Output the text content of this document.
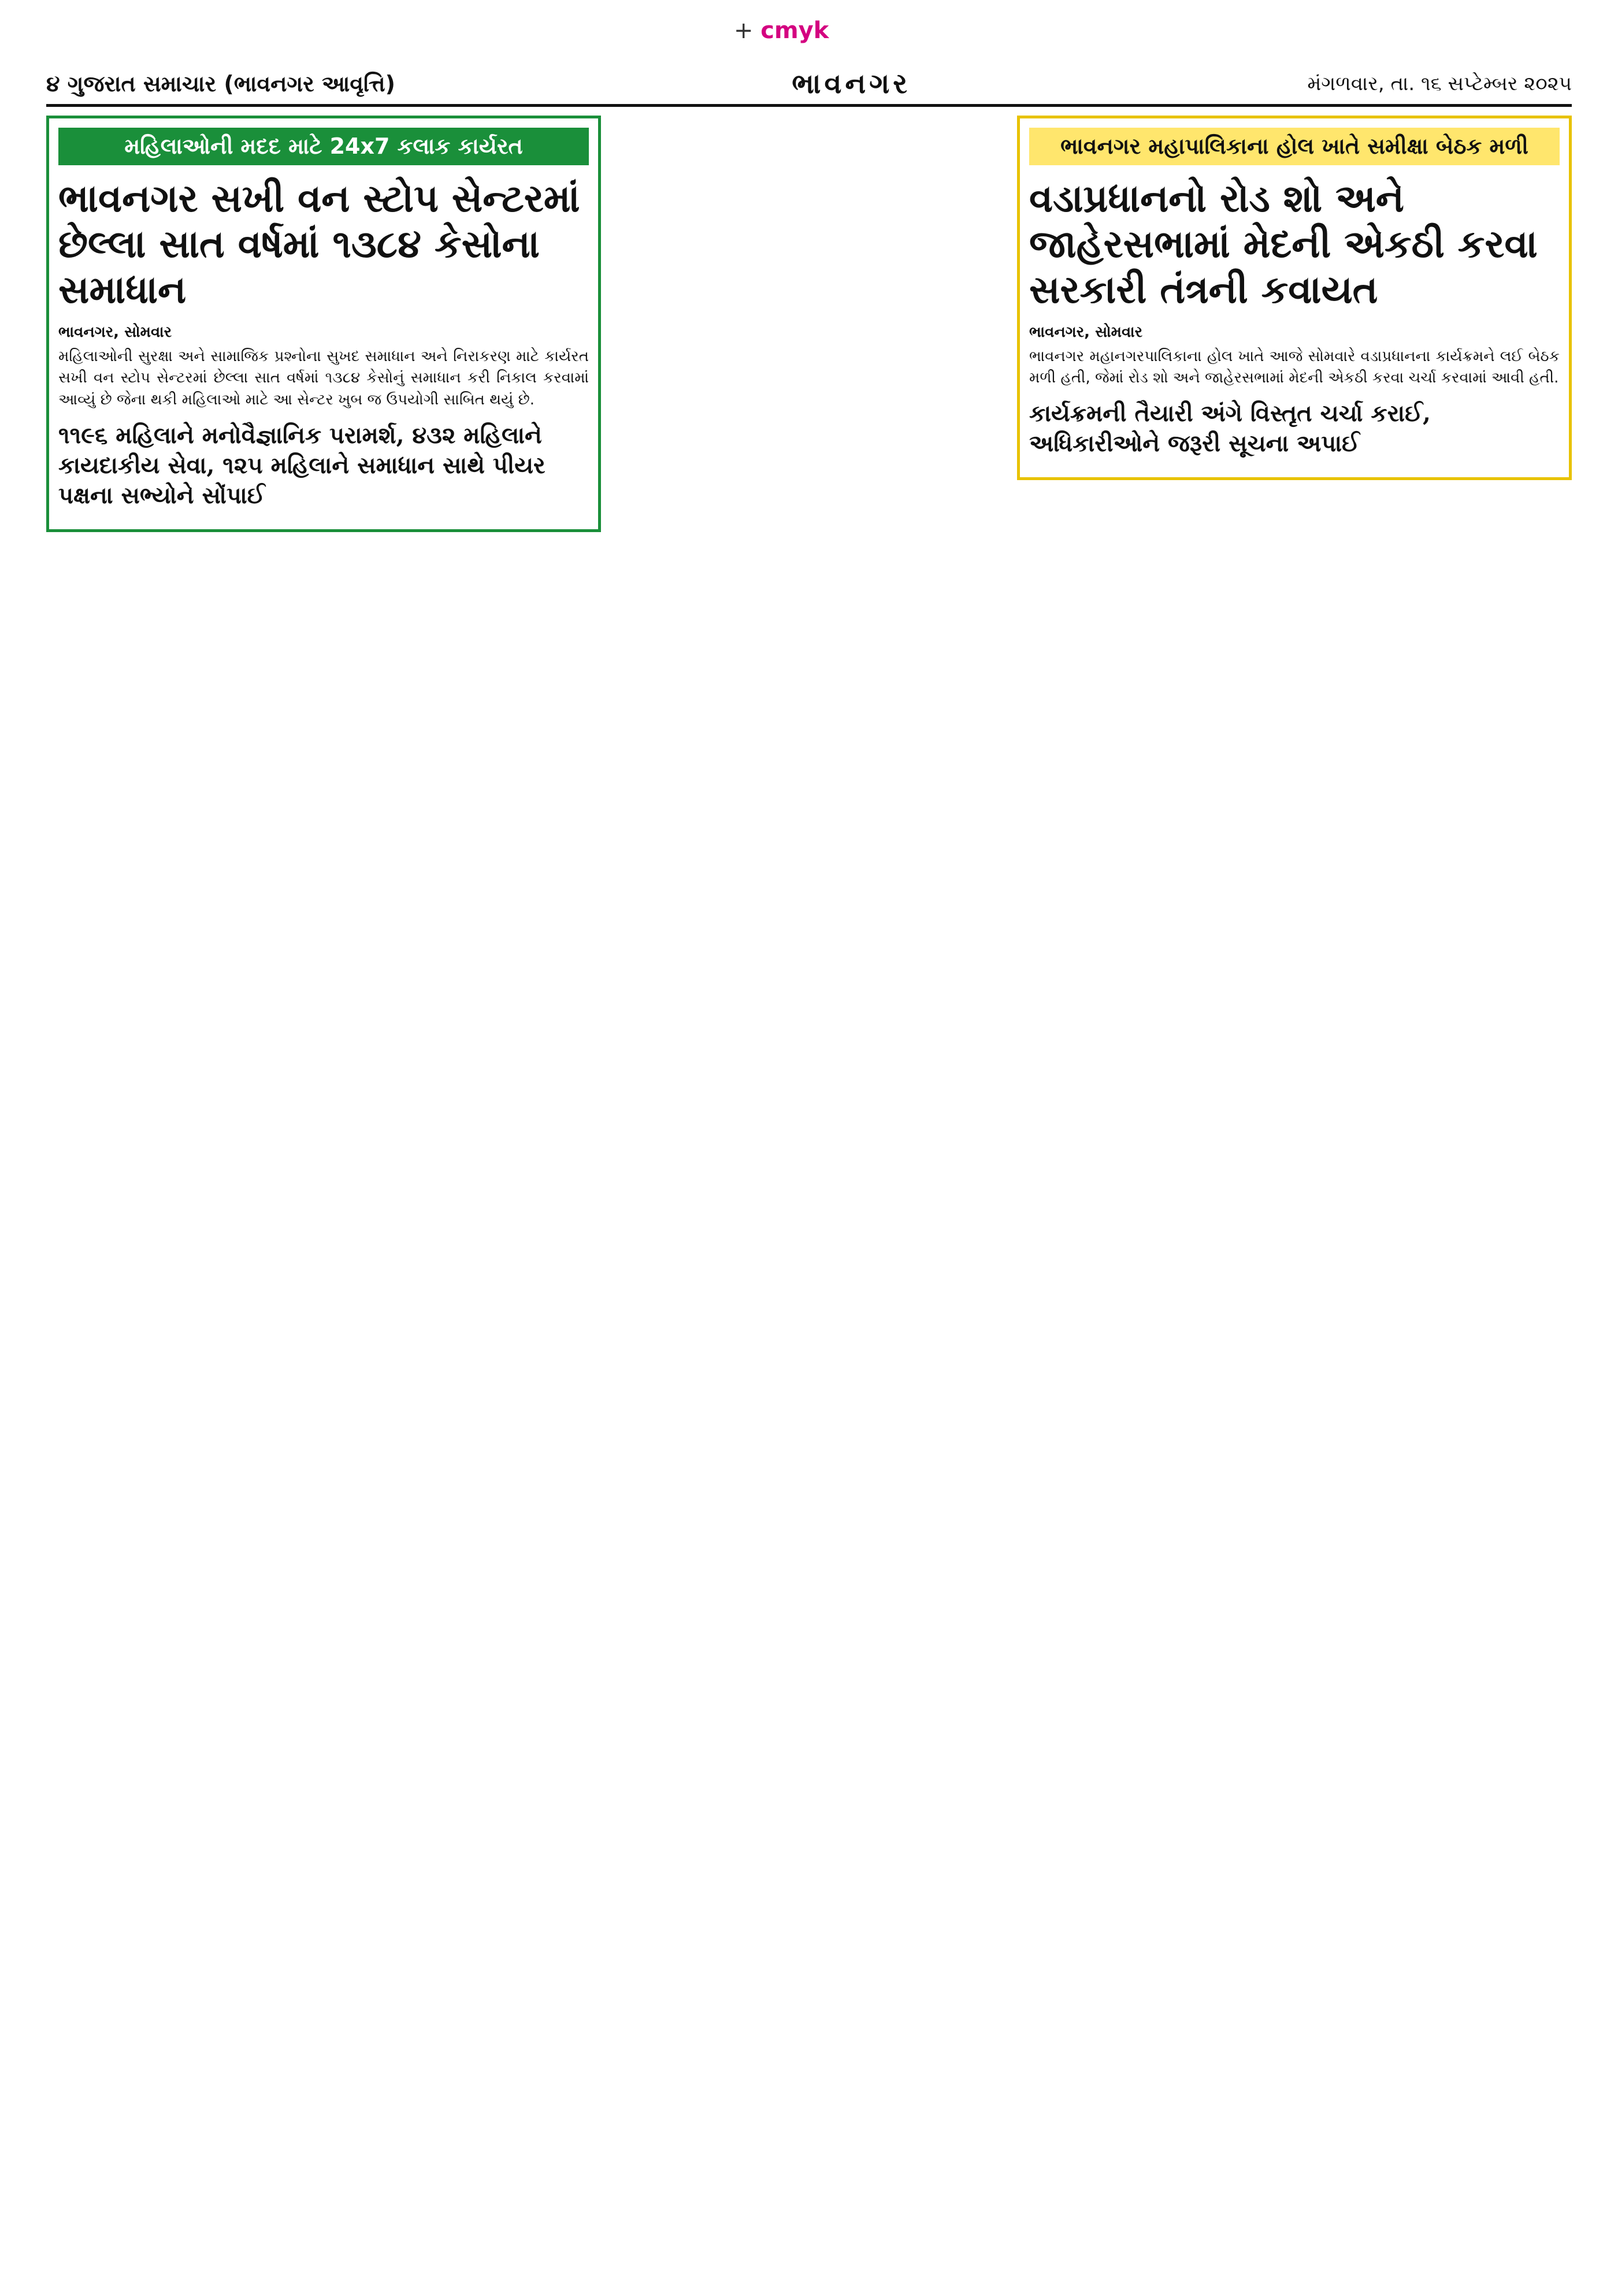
+ cmyk
૪ ગુજરાત સમાચાર (ભાવનગર આવૃત્તિ)	ભાવનગર	મંગળવાર, તા. ૧૬ સપ્ટેમ્બર ૨૦૨૫
મહિલાઓની મદદ માટે 24x7 કલાક કાર્યરત
ભાવનગર સખી વન સ્ટોપ સેન્ટરમાં છેલ્લા સાત વર્ષમાં ૧૩૮૪ કેસોના સમાધાન
ભાવનગર, સોમવાર
મહિલાઓની સુરક્ષા અને સામાજિક પ્રશ્નોના સુખદ સમાધાન અને નિરાકરણ માટે કાર્યરત સખી વન સ્ટોપ સેન્ટરમાં છેલ્લા સાત વર્ષમાં ૧૩૮૪ કેસોનું સમાધાન કરી નિકાલ કરવામાં આવ્યું છે જેના થકી મહિલાઓ માટે આ સેન્ટર ખુબ જ ઉપયોગી સાબિત થયું છે.
૧૧૯૬ મહિલાને મનોવૈજ્ઞાનિક પરામર્શ, ૪૩૨ મહિલાને કાયદાકીય સેવા, ૧૨૫ મહિલાને સમાધાન સાથે પીયર પક્ષના સભ્યોને સોંપાઈ
ભાવનગર મહાપાલિકાના હોલ ખાતે સમીક્ષા બેઠક મળી
વડાપ્રધાનનો રોડ શો અને જાહેરસભામાં મેદની એકઠી કરવા સરકારી તંત્રની કવાયત
ભાવનગર, સોમવાર
ભાવનગર મહાનગરપાલિકાના હોલ ખાતે આજે સોમવારે વડાપ્રધાનના કાર્યક્રમને લઈ બેઠક મળી હતી, જેમાં રોડ શો અને જાહેરસભામાં મેદની એકઠી કરવા ચર્ચા કરવામાં આવી હતી.
કાર્યક્રમની તૈયારી અંગે વિસ્તૃત ચર્ચા કરાઈ, અધિકારીઓને જરૂરી સૂચના અપાઈ
